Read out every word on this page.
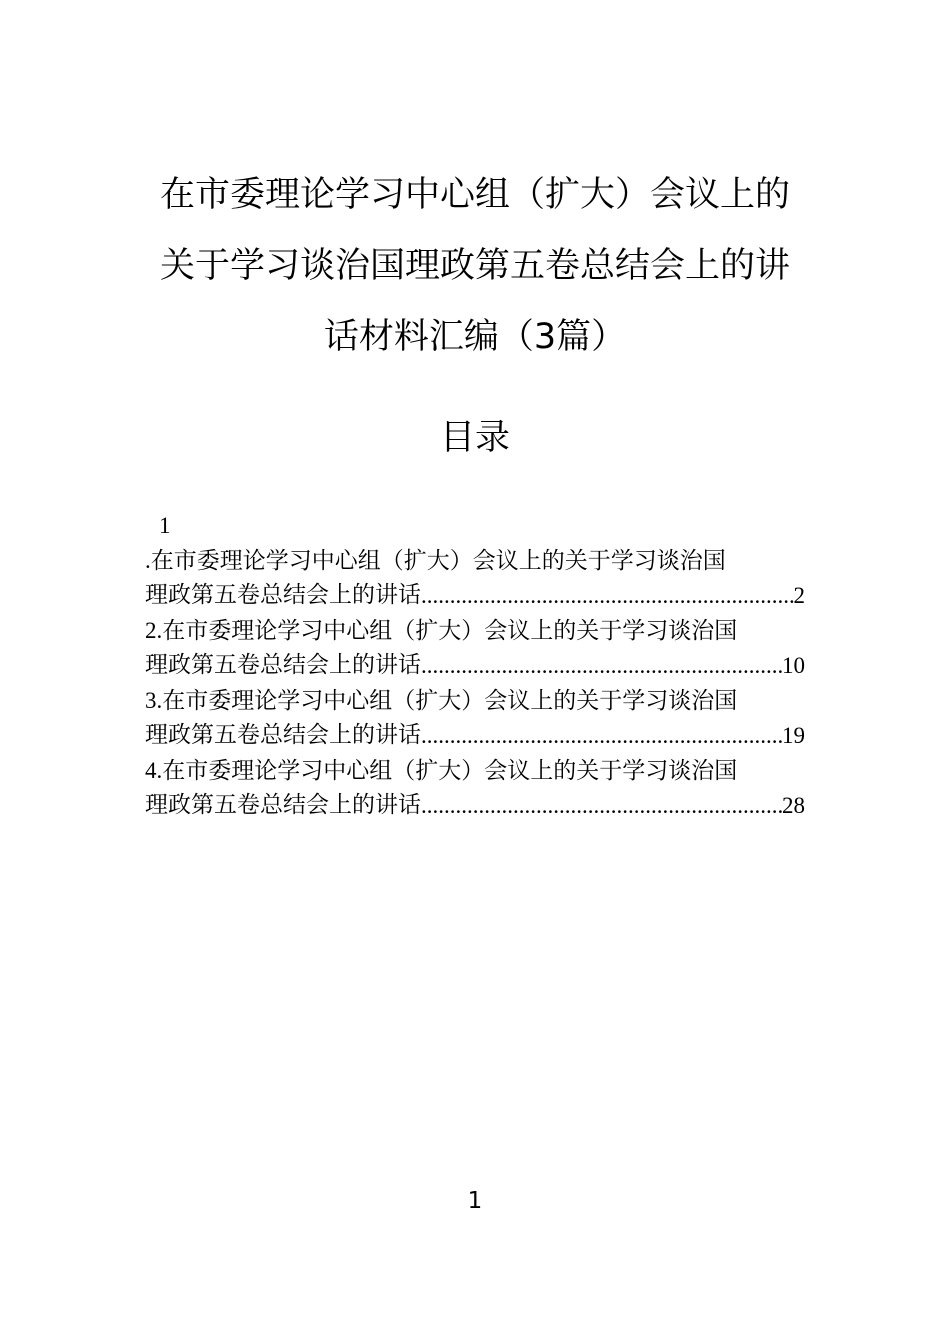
在市委理论学习中心组（扩大）会议上的
关于学习谈治国理政第五卷总结会上的讲
话材料汇编（3篇）
目录
1
.在市委理论学习中心组（扩大）会议上的关于学习谈治国
理政第五卷总结会上的讲话 .....	2
2.在市委理论学习中心组（扩大）会议上的关于学习谈治国
理政第五卷总结会上的讲话 .....	10
3.在市委理论学习中心组（扩大）会议上的关于学习谈治国
理政第五卷总结会上的讲话 .....	19
4.在市委理论学习中心组（扩大）会议上的关于学习谈治国
理政第五卷总结会上的讲话 .....	28
1
